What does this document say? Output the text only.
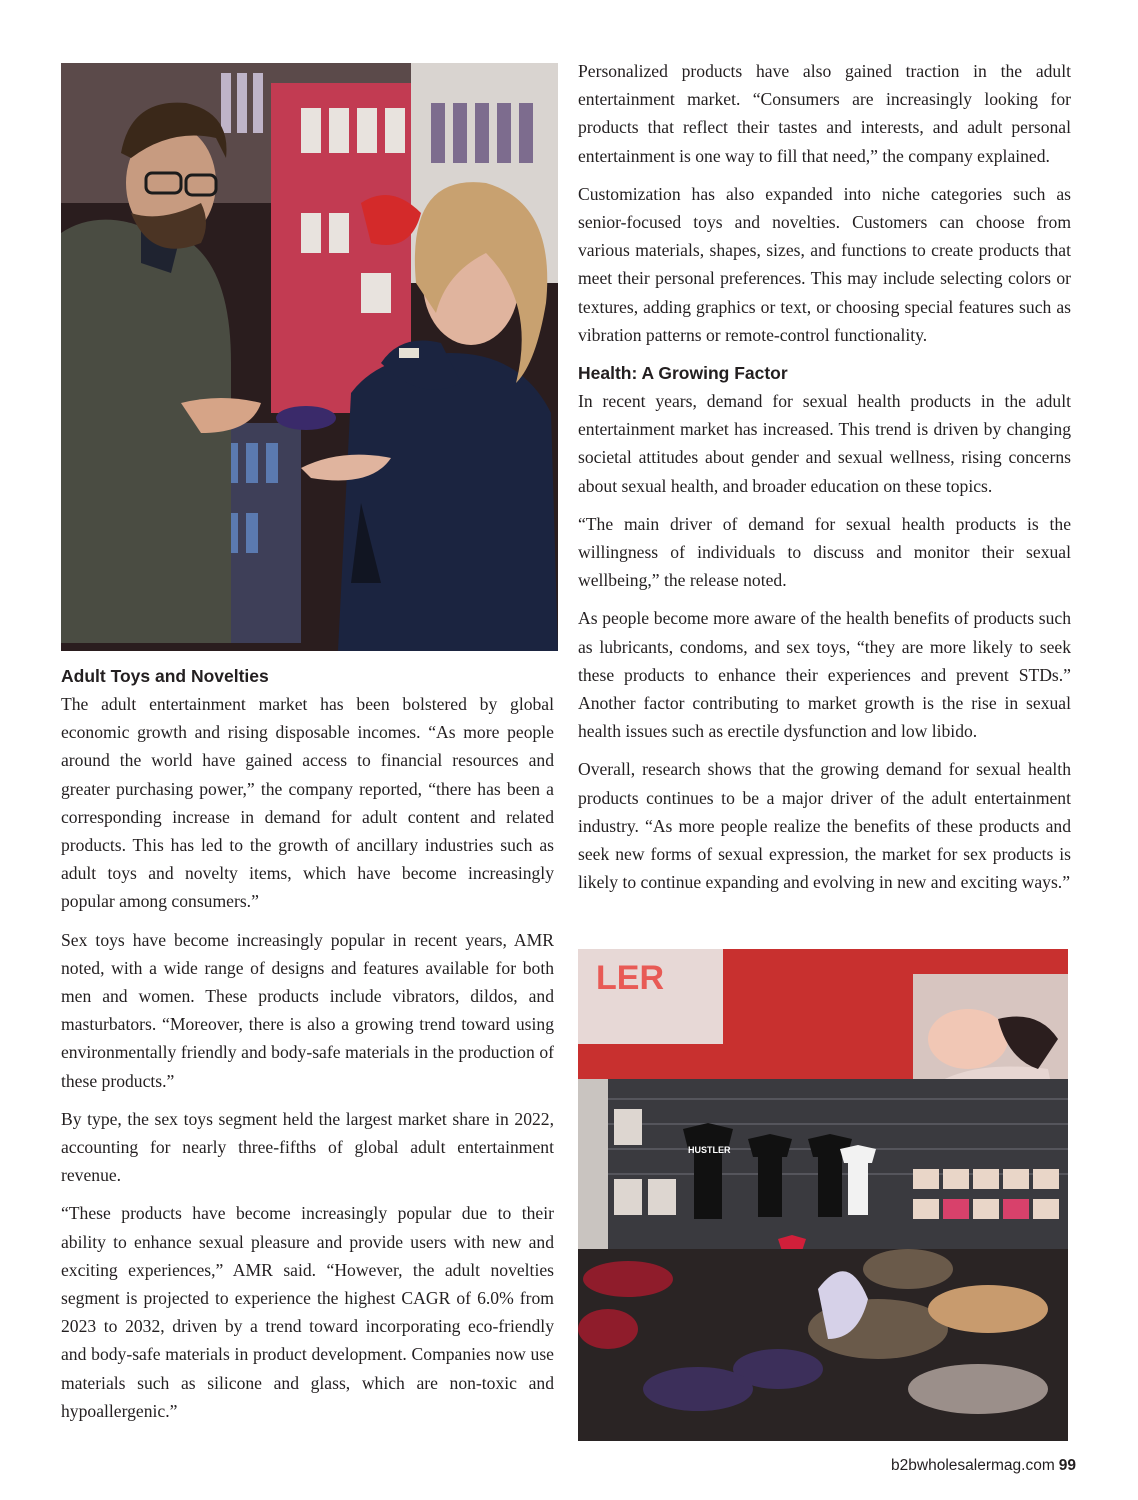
Adult Toys and Novelties

The adult entertainment market has been bolstered by global economic growth and rising disposable incomes. “As more people around the world have gained access to financial resources and greater purchasing power,” the company reported, “there has been a corresponding increase in demand for adult content and related products. This has led to the growth of ancillary industries such as adult toys and novelty items, which have become increasingly popular among consumers.”

Sex toys have become increasingly popular in recent years, AMR noted, with a wide range of designs and features available for both men and women. These products include vibrators, dildos, and masturbators. “Moreover, there is also a growing trend toward using environmentally friendly and body-safe materials in the production of these products.”

By type, the sex toys segment held the largest market share in 2022, accounting for nearly three-fifths of global adult entertainment revenue.

“These products have become increasingly popular due to their ability to enhance sexual pleasure and provide users with new and exciting experiences,” AMR said. “However, the adult novelties segment is projected to experience the highest CAGR of 6.0% from 2023 to 2032, driven by a trend toward incorporating eco-friendly and body-safe materials in product development. Companies now use materials such as silicone and glass, which are non-toxic and hypoallergenic.”

Personalized products have also gained traction in the adult entertainment market. “Consumers are increasingly looking for products that reflect their tastes and interests, and adult personal entertainment is one way to fill that need,” the company explained.

Customization has also expanded into niche categories such as senior-focused toys and novelties. Customers can choose from various materials, shapes, sizes, and functions to create products that meet their personal preferences. This may include selecting colors or textures, adding graphics or text, or choosing special features such as vibration patterns or remote-control functionality.

Health: A Growing Factor

In recent years, demand for sexual health products in the adult entertainment market has increased. This trend is driven by changing societal attitudes about gender and sexual wellness, rising concerns about sexual health, and broader education on these topics.

“The main driver of demand for sexual health products is the willingness of individuals to discuss and monitor their sexual wellbeing,” the release noted.

As people become more aware of the health benefits of products such as lubricants, condoms, and sex toys, “they are more likely to seek these products to enhance their experiences and prevent STDs.” Another factor contributing to market growth is the rise in sexual health issues such as erectile dysfunction and low libido.

Overall, research shows that the growing demand for sexual health products continues to be a major driver of the adult entertainment industry. “As more people realize the benefits of these products and seek new forms of sexual expression, the market for sex products is likely to continue expanding and evolving in new and exciting ways.”

LER
HUSTLER
b2bwholesalermag.com 99
